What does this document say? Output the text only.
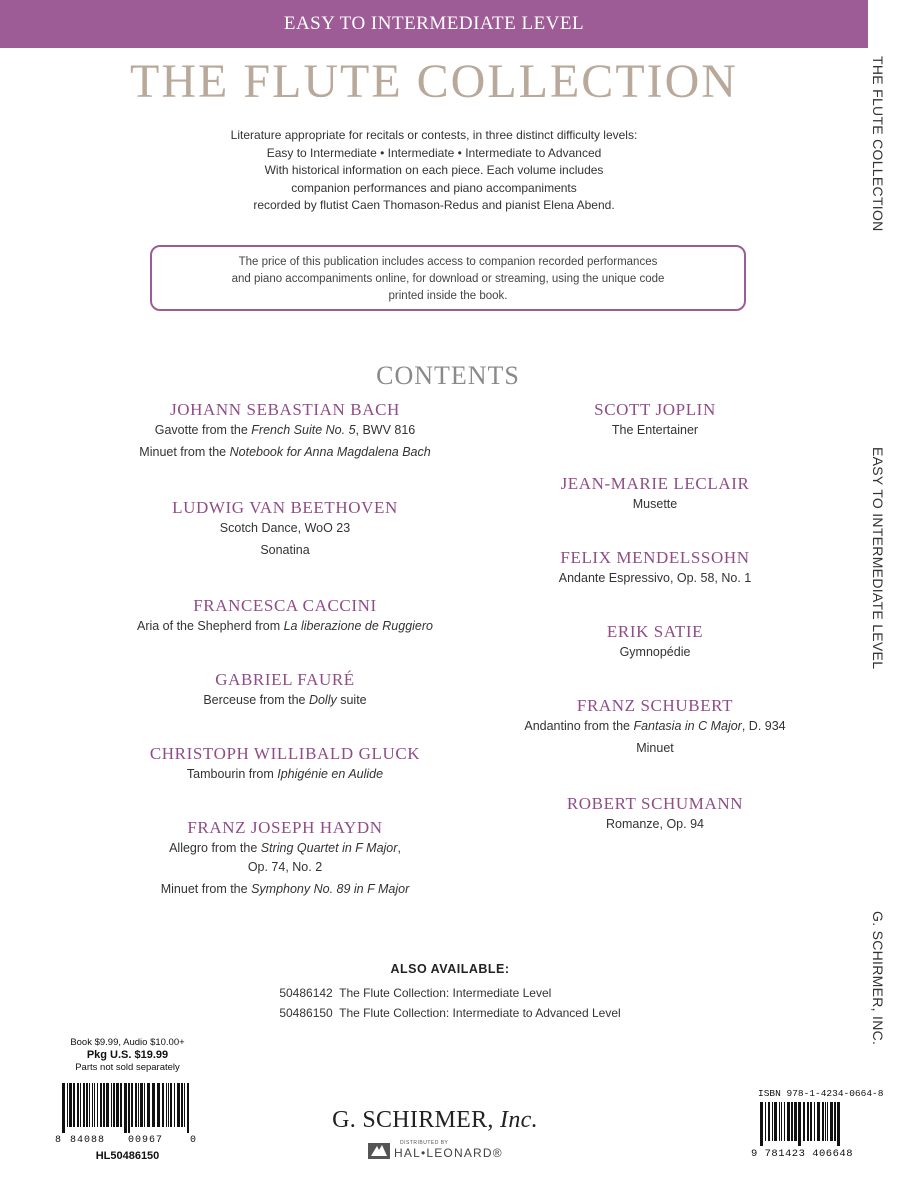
EASY TO INTERMEDIATE LEVEL
THE FLUTE COLLECTION
EASY TO INTERMEDIATE LEVEL
G. SCHIRMER, INC.
THE FLUTE COLLECTION
Literature appropriate for recitals or contests, in three distinct difficulty levels:
Easy to Intermediate • Intermediate • Intermediate to Advanced
With historical information on each piece. Each volume includes
companion performances and piano accompaniments
recorded by flutist Caen Thomason-Redus and pianist Elena Abend.
The price of this publication includes access to companion recorded performances
and piano accompaniments online, for download or streaming, using the unique code
printed inside the book.
CONTENTS
JOHANN SEBASTIAN BACH
Gavotte from the French Suite No. 5, BWV 816
Minuet from the Notebook for Anna Magdalena Bach
LUDWIG VAN BEETHOVEN
Scotch Dance, WoO 23
Sonatina
FRANCESCA CACCINI
Aria of the Shepherd from La liberazione de Ruggiero
GABRIEL FAURÉ
Berceuse from the Dolly suite
CHRISTOPH WILLIBALD GLUCK
Tambourin from Iphigénie en Aulide
FRANZ JOSEPH HAYDN
Allegro from the String Quartet in F Major,
Op. 74, No. 2
Minuet from the Symphony No. 89 in F Major
SCOTT JOPLIN
The Entertainer
JEAN-MARIE LECLAIR
Musette
FELIX MENDELSSOHN
Andante Espressivo, Op. 58, No. 1
ERIK SATIE
Gymnopédie
FRANZ SCHUBERT
Andantino from the Fantasia in C Major, D. 934
Minuet
ROBERT SCHUMANN
Romanze, Op. 94
ALSO AVAILABLE:
50486142  The Flute Collection: Intermediate Level
50486150  The Flute Collection: Intermediate to Advanced Level
Book $9.99, Audio $10.00+
Pkg U.S. $19.99
Parts not sold separately
8 84088 00967	0
HL50486150
ISBN 978-1-4234-0664-8
9 781423 406648
G. SCHIRMER, Inc.
DISTRIBUTED BY
HAL•LEONARD®
